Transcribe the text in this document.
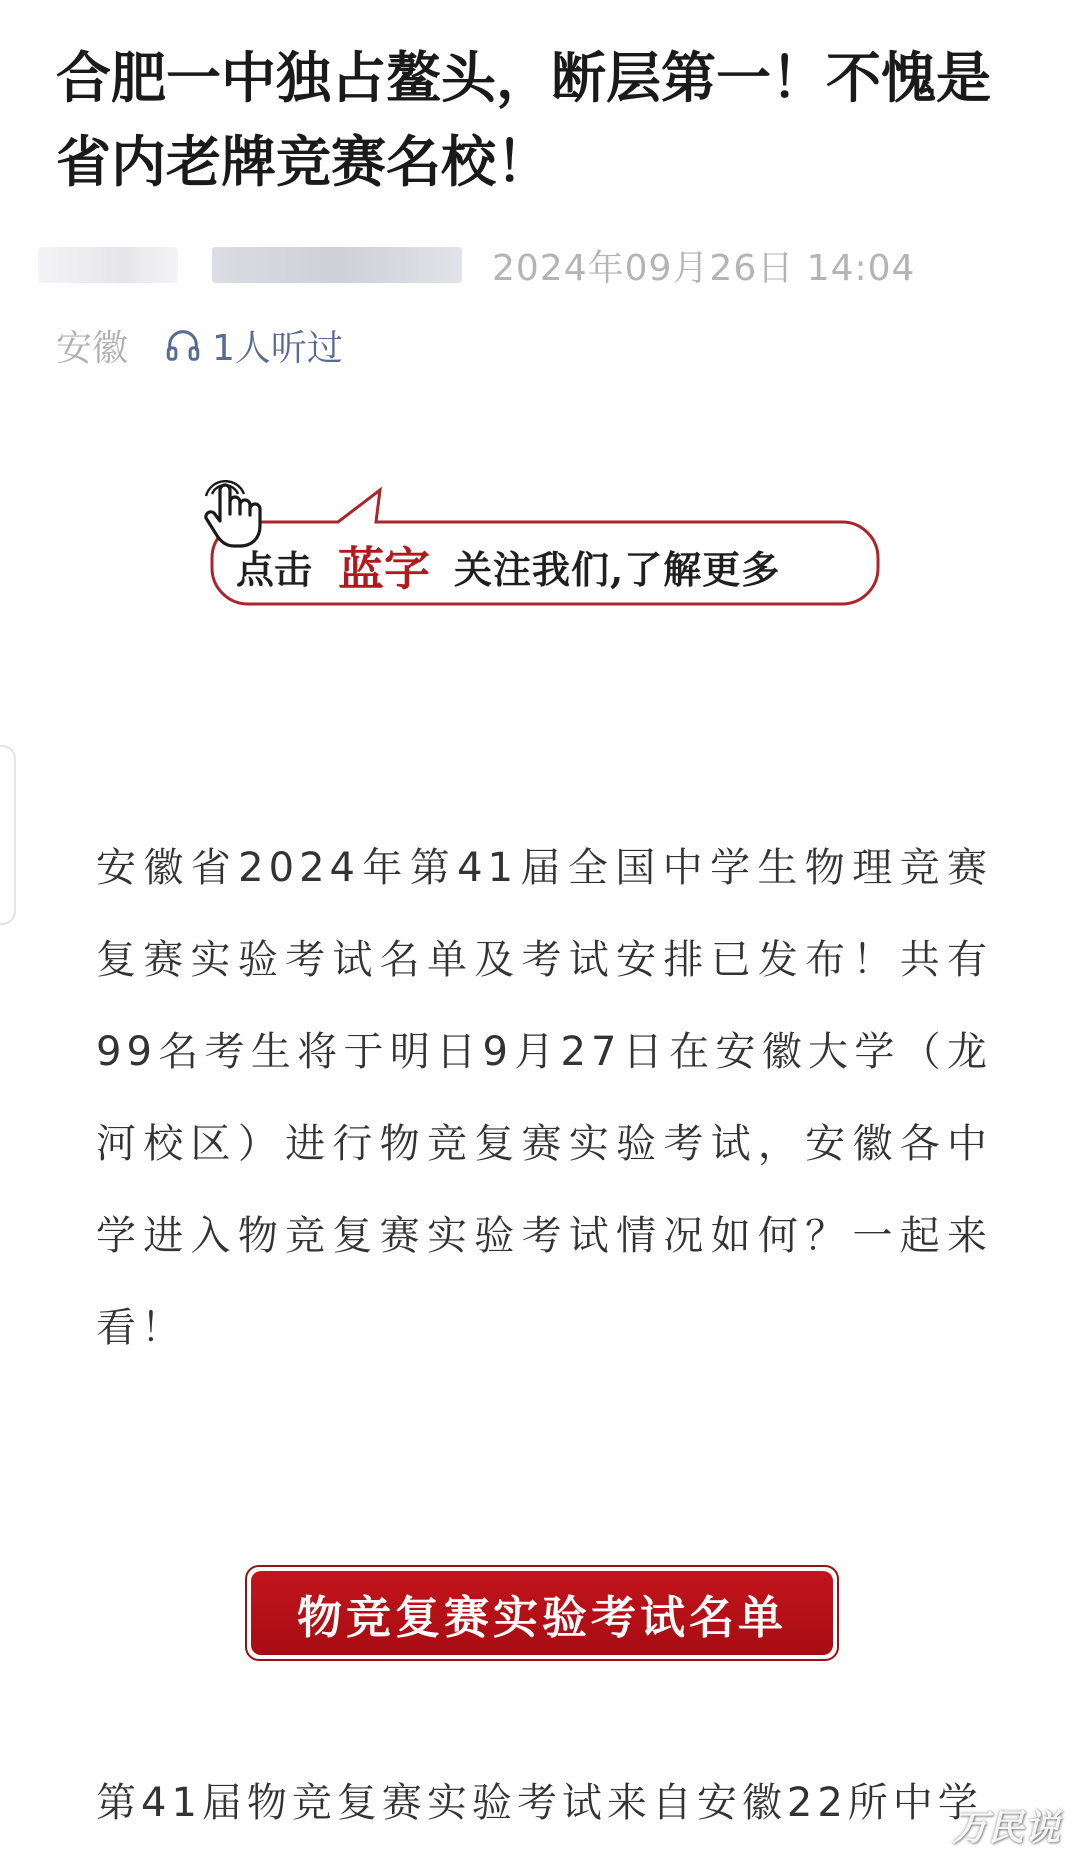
合肥一中独占鳌头，断层第一！不愧是省内老牌竞赛名校！
2024年09月26日 14:04
安徽 1人听过
点击 蓝字 关注我们,了解更多

安徽省2024年第41届全国中学生物理竞赛复赛实验考试名单及考试安排已发布！共有99名考生将于明日9月27日在安徽大学（龙河校区）进行物竞复赛实验考试，安徽各中学进入物竞复赛实验考试情况如何？一起来看！

物竞复赛实验考试名单

第41届物竞复赛实验考试来自安徽22所中学

万民说
